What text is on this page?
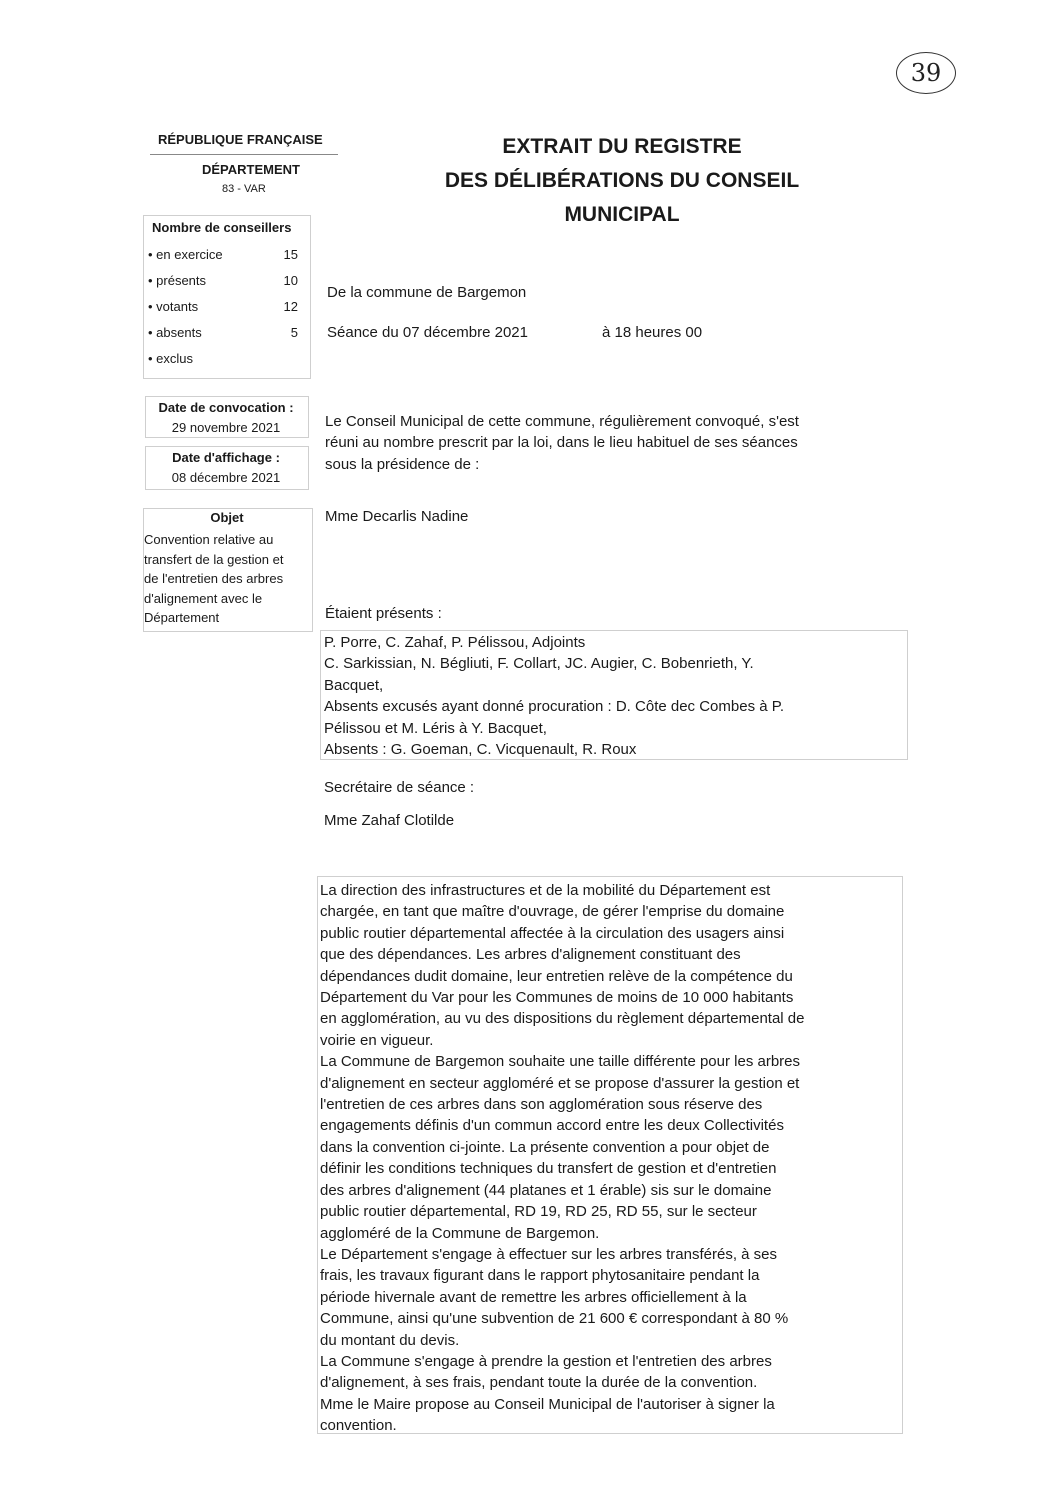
39
RÉPUBLIQUE FRANÇAISE
DÉPARTEMENT
83 - VAR
EXTRAIT DU REGISTRE
DES DÉLIBÉRATIONS DU CONSEIL
MUNICIPAL
Nombre de conseillers
• en exercice	15
• présents	10
• votants	12
• absents	5
• exclus
Date de convocation :
29 novembre 2021
Date d'affichage :
08 décembre 2021
Objet
Convention relative au
transfert de la gestion et
de l'entretien des arbres
d'alignement avec le
Département
De la commune de Bargemon
Séance du 07 décembre 2021	à 18 heures 00
Le Conseil Municipal de cette commune, régulièrement convoqué, s'est
réuni au nombre prescrit par la loi, dans le lieu habituel de ses séances
sous la présidence de :
Mme Decarlis Nadine
Étaient présents :
P. Porre, C. Zahaf, P. Pélissou, Adjoints
C. Sarkissian, N. Bégliuti, F. Collart, JC. Augier, C. Bobenrieth, Y.
Bacquet,
Absents excusés ayant donné procuration : D. Côte dec Combes à P.
Pélissou et M. Léris à Y. Bacquet,
Absents : G. Goeman, C. Vicquenault, R. Roux
Secrétaire de séance :
Mme Zahaf Clotilde
La direction des infrastructures et de la mobilité du Département est
chargée, en tant que maître d'ouvrage, de gérer l'emprise du domaine
public routier départemental affectée à la circulation des usagers ainsi
que des dépendances. Les arbres d'alignement constituant des
dépendances dudit domaine, leur entretien relève de la compétence du
Département du Var pour les Communes de moins de 10 000 habitants
en agglomération, au vu des dispositions du règlement départemental de
voirie en vigueur.
La Commune de Bargemon souhaite une taille différente pour les arbres
d'alignement en secteur aggloméré et se propose d'assurer la gestion et
l'entretien de ces arbres dans son agglomération sous réserve des
engagements définis d'un commun accord entre les deux Collectivités
dans la convention ci-jointe. La présente convention a pour objet de
définir les conditions techniques du transfert de gestion et d'entretien
des arbres d'alignement (44 platanes et 1 érable) sis sur le domaine
public routier départemental, RD 19, RD 25, RD 55, sur le secteur
aggloméré de la Commune de Bargemon.
Le Département s'engage à effectuer sur les arbres transférés, à ses
frais, les travaux figurant dans le rapport phytosanitaire pendant la
période hivernale avant de remettre les arbres officiellement à la
Commune, ainsi qu'une subvention de 21 600 € correspondant à 80 %
du montant du devis.
La Commune s'engage à prendre la gestion et l'entretien des arbres
d'alignement, à ses frais, pendant toute la durée de la convention.
Mme le Maire propose au Conseil Municipal de l'autoriser à signer la
convention.
